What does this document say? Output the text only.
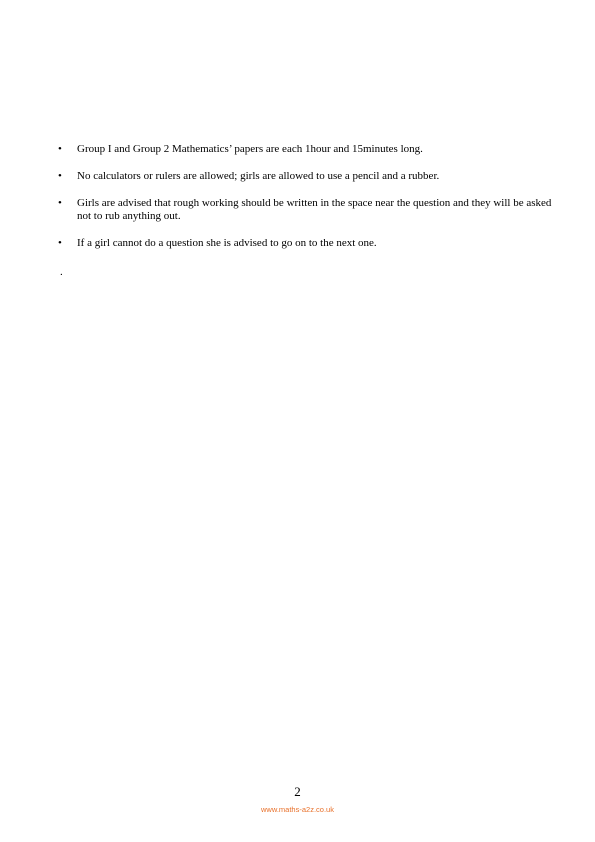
• Group I and Group 2 Mathematics’ papers are each 1hour and 15minutes long.
• No calculators or rulers are allowed; girls are allowed to use a pencil and a rubber.
• Girls are advised that rough working should be written in the space near the question and they will be asked not to rub anything out.
• If a girl cannot do a question she is advised to go on to the next one.
.
2
www.maths-a2z.co.uk
